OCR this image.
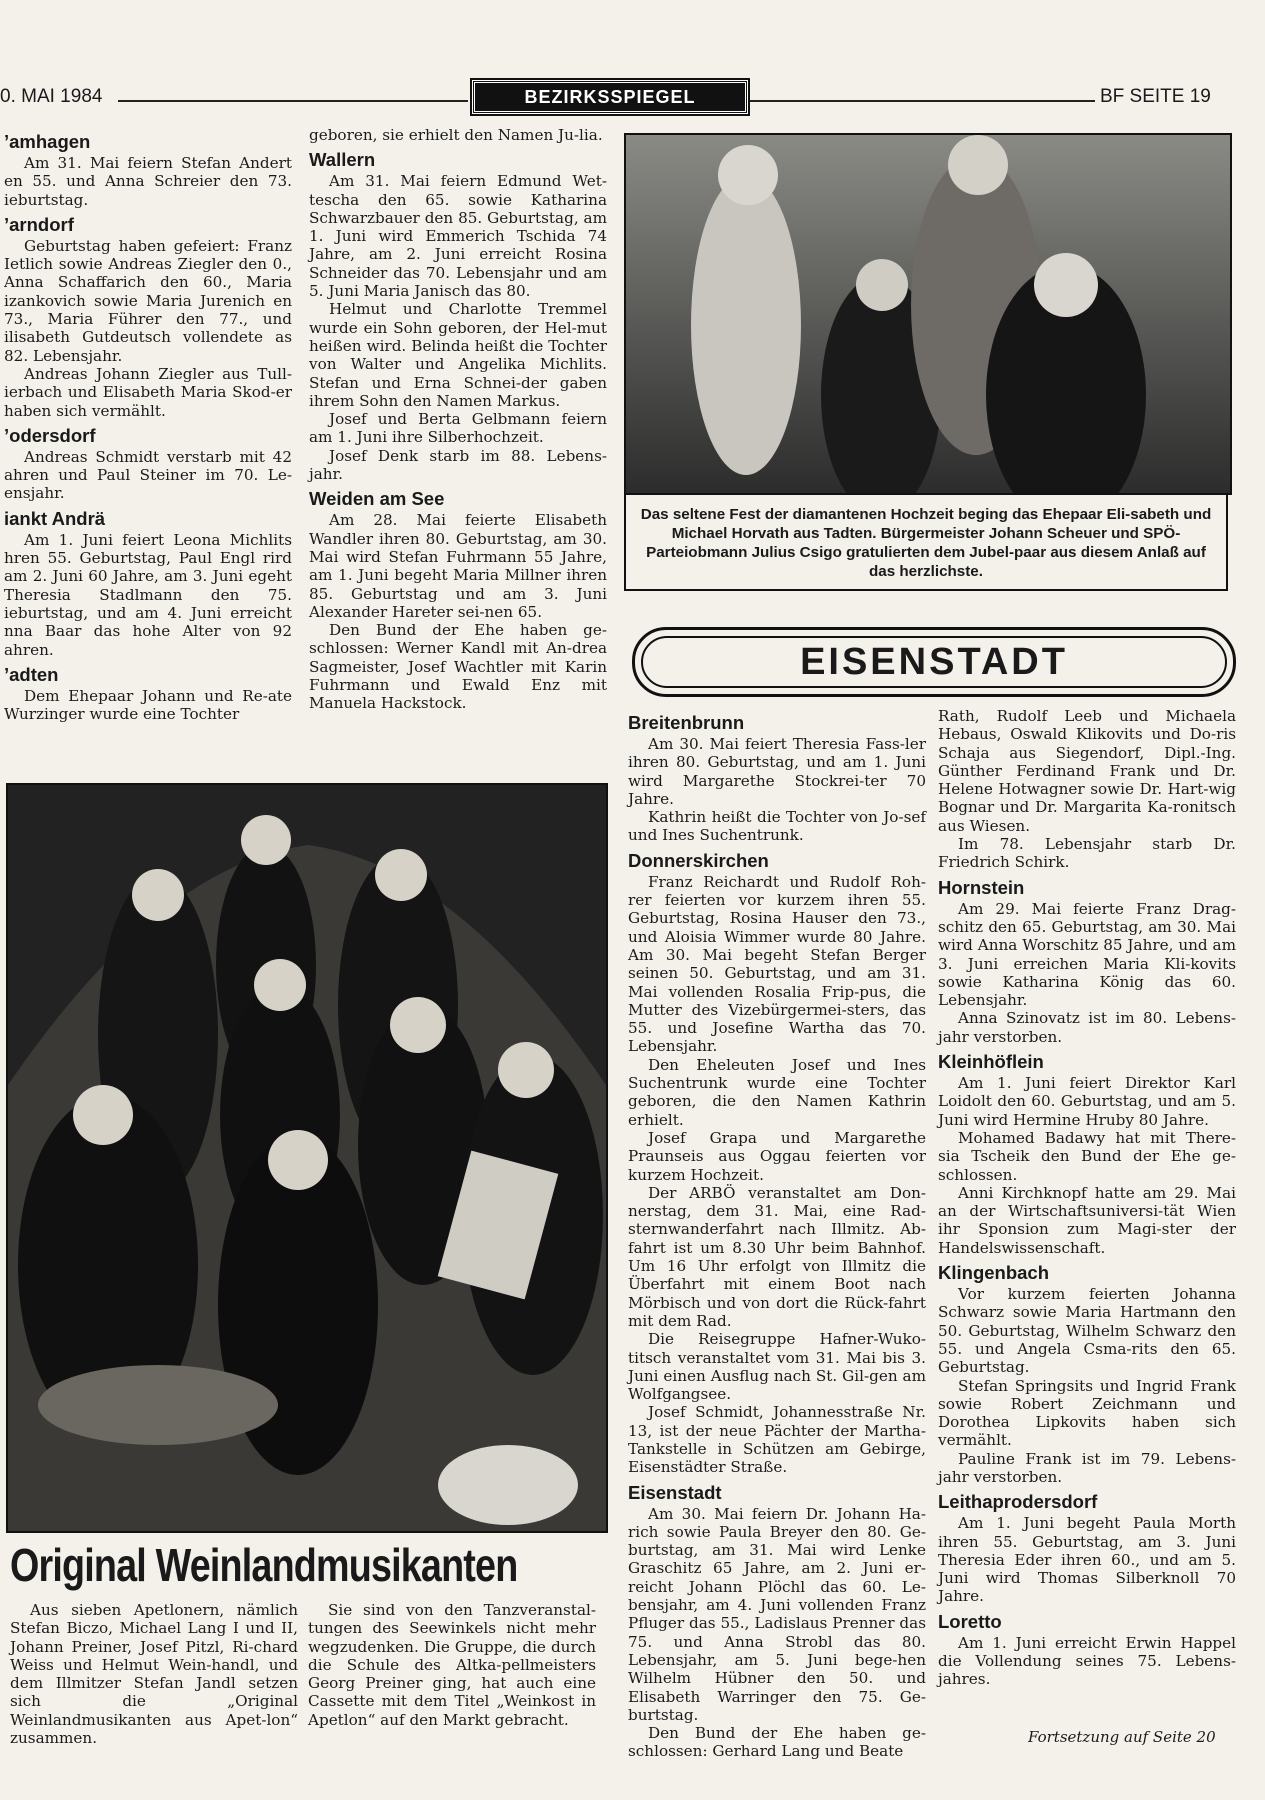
0. MAI 1984	BEZIRKSSPIEGEL	BF SEITE 19
’amhagen

Am 31. Mai feiern Stefan Andert en 55. und Anna Schreier den 73. ieburtstag.

’arndorf

Geburtstag haben gefeiert: Franz Ietlich sowie Andreas Ziegler den 0., Anna Schaffarich den 60., Maria izankovich sowie Maria Jurenich en 73., Maria Führer den 77., und ilisabeth Gutdeutsch vollendete as 82. Lebensjahr.

Andreas Johann Ziegler aus Tull-ierbach und Elisabeth Maria Skod-er haben sich vermählt.

’odersdorf

Andreas Schmidt verstarb mit 42 ahren und Paul Steiner im 70. Le-ensjahr.

iankt Andrä

Am 1. Juni feiert Leona Michlits hren 55. Geburtstag, Paul Engl rird am 2. Juni 60 Jahre, am 3. Juni egeht Theresia Stadlmann den 75. ieburtstag, und am 4. Juni erreicht nna Baar das hohe Alter von 92 ahren.

’adten

Dem Ehepaar Johann und Re-ate Wurzinger wurde eine Tochter

geboren, sie erhielt den Namen Ju-lia.

Wallern

Am 31. Mai feiern Edmund Wet-tescha den 65. sowie Katharina Schwarzbauer den 85. Geburtstag, am 1. Juni wird Emmerich Tschida 74 Jahre, am 2. Juni erreicht Rosina Schneider das 70. Lebensjahr und am 5. Juni Maria Janisch das 80.

Helmut und Charlotte Tremmel wurde ein Sohn geboren, der Hel-mut heißen wird. Belinda heißt die Tochter von Walter und Angelika Michlits. Stefan und Erna Schnei-der gaben ihrem Sohn den Namen Markus.

Josef und Berta Gelbmann feiern am 1. Juni ihre Silberhochzeit.

Josef Denk starb im 88. Lebens-jahr.

Weiden am See

Am 28. Mai feierte Elisabeth Wandler ihren 80. Geburtstag, am 30. Mai wird Stefan Fuhrmann 55 Jahre, am 1. Juni begeht Maria Millner ihren 85. Geburtstag und am 3. Juni Alexander Hareter sei-nen 65.

Den Bund der Ehe haben ge-schlossen: Werner Kandl mit An-drea Sagmeister, Josef Wachtler mit Karin Fuhrmann und Ewald Enz mit Manuela Hackstock.

Das seltene Fest der diamantenen Hochzeit beging das Ehepaar Eli-sabeth und Michael Horvath aus Tadten. Bürgermeister Johann Scheuer und SPÖ-Parteiobmann Julius Csigo gratulierten dem Jubel-paar aus diesem Anlaß auf das herzlichste.
Original Weinlandmusikanten

Aus sieben Apetlonern, nämlich Stefan Biczo, Michael Lang I und II, Johann Preiner, Josef Pitzl, Ri-chard Weiss und Helmut Wein-handl, und dem Illmitzer Stefan Jandl setzen sich die „Original Weinlandmusikanten aus Apet-lon“ zusammen.

Sie sind von den Tanzveranstal-tungen des Seewinkels nicht mehr wegzudenken. Die Gruppe, die durch die Schule des Altka-pellmeisters Georg Preiner ging, hat auch eine Cassette mit dem Titel „Weinkost in Apetlon“ auf den Markt gebracht.

EISENSTADT
Breitenbrunn

Am 30. Mai feiert Theresia Fass-ler ihren 80. Geburtstag, und am 1. Juni wird Margarethe Stockrei-ter 70 Jahre.

Kathrin heißt die Tochter von Jo-sef und Ines Suchentrunk.

Donnerskirchen

Franz Reichardt und Rudolf Roh-rer feierten vor kurzem ihren 55. Geburtstag, Rosina Hauser den 73., und Aloisia Wimmer wurde 80 Jahre. Am 30. Mai begeht Stefan Berger seinen 50. Geburtstag, und am 31. Mai vollenden Rosalia Frip-pus, die Mutter des Vizebürgermei-sters, das 55. und Josefine Wartha das 70. Lebensjahr.

Den Eheleuten Josef und Ines Suchentrunk wurde eine Tochter geboren, die den Namen Kathrin erhielt.

Josef Grapa und Margarethe Praunseis aus Oggau feierten vor kurzem Hochzeit.

Der ARBÖ veranstaltet am Don-nerstag, dem 31. Mai, eine Rad-sternwanderfahrt nach Illmitz. Ab-fahrt ist um 8.30 Uhr beim Bahnhof. Um 16 Uhr erfolgt von Illmitz die Überfahrt mit einem Boot nach Mörbisch und von dort die Rück-fahrt mit dem Rad.

Die Reisegruppe Hafner-Wuko-titsch veranstaltet vom 31. Mai bis 3. Juni einen Ausflug nach St. Gil-gen am Wolfgangsee.

Josef Schmidt, Johannesstraße Nr. 13, ist der neue Pächter der Martha-Tankstelle in Schützen am Gebirge, Eisenstädter Straße.

Eisenstadt

Am 30. Mai feiern Dr. Johann Ha-rich sowie Paula Breyer den 80. Ge-burtstag, am 31. Mai wird Lenke Graschitz 65 Jahre, am 2. Juni er-reicht Johann Plöchl das 60. Le-bensjahr, am 4. Juni vollenden Franz Pfluger das 55., Ladislaus Prenner das 75. und Anna Strobl das 80. Lebensjahr, am 5. Juni bege-hen Wilhelm Hübner den 50. und Elisabeth Warringer den 75. Ge-burtstag.

Den Bund der Ehe haben ge-schlossen: Gerhard Lang und Beate

Rath, Rudolf Leeb und Michaela Hebaus, Oswald Klikovits und Do-ris Schaja aus Siegendorf, Dipl.-Ing. Günther Ferdinand Frank und Dr. Helene Hotwagner sowie Dr. Hart-wig Bognar und Dr. Margarita Ka-ronitsch aus Wiesen.

Im 78. Lebensjahr starb Dr. Friedrich Schirk.

Hornstein

Am 29. Mai feierte Franz Drag-schitz den 65. Geburtstag, am 30. Mai wird Anna Worschitz 85 Jahre, und am 3. Juni erreichen Maria Kli-kovits sowie Katharina König das 60. Lebensjahr.

Anna Szinovatz ist im 80. Lebens-jahr verstorben.

Kleinhöflein

Am 1. Juni feiert Direktor Karl Loidolt den 60. Geburtstag, und am 5. Juni wird Hermine Hruby 80 Jahre.

Mohamed Badawy hat mit There-sia Tscheik den Bund der Ehe ge-schlossen.

Anni Kirchknopf hatte am 29. Mai an der Wirtschaftsuniversi-tät Wien ihr Sponsion zum Magi-ster der Handelswissenschaft.

Klingenbach

Vor kurzem feierten Johanna Schwarz sowie Maria Hartmann den 50. Geburtstag, Wilhelm Schwarz den 55. und Angela Csma-rits den 65. Geburtstag.

Stefan Springsits und Ingrid Frank sowie Robert Zeichmann und Dorothea Lipkovits haben sich vermählt.

Pauline Frank ist im 79. Lebens-jahr verstorben.

Leithaprodersdorf

Am 1. Juni begeht Paula Morth ihren 55. Geburtstag, am 3. Juni Theresia Eder ihren 60., und am 5. Juni wird Thomas Silberknoll 70 Jahre.

Loretto

Am 1. Juni erreicht Erwin Happel die Vollendung seines 75. Lebens-jahres.

Fortsetzung auf Seite 20
